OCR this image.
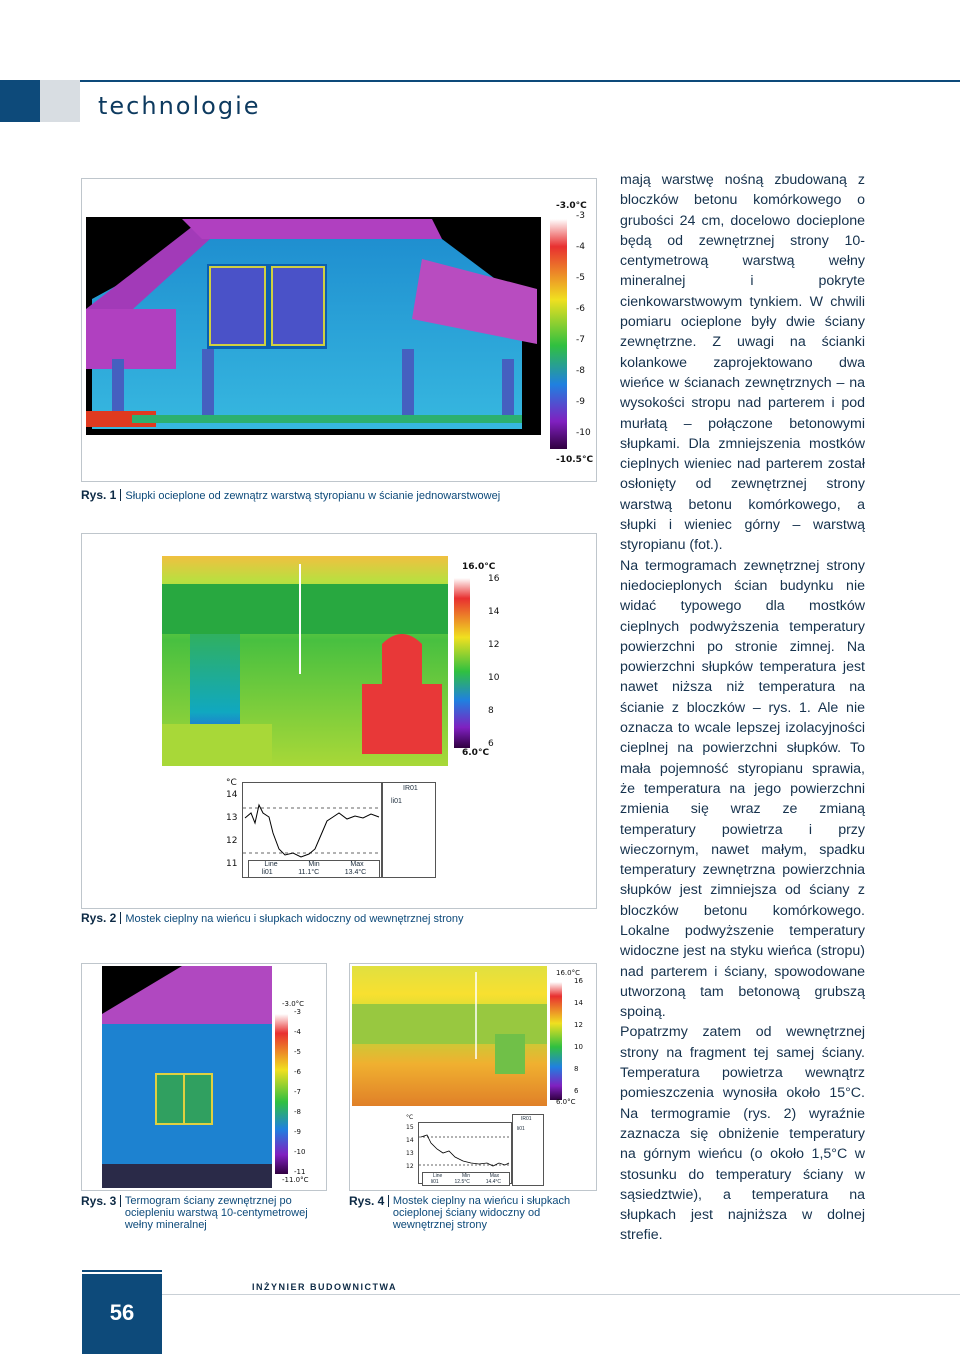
technologie
-3.0°C
-10.5°C
-3
-4
-5
-6
-7
-8
-9
-10
Rys. 1 Słupki ocieplone od zewnątrz warstwą styropianu w ścianie jednowarstwowej
16.0°C
6.0°C
16
14
12
10
8
6
°C
14
13
12
11	Line	Min	Max
li01	11.1°C	13.4°C
IR01
li01
Rys. 2 Mostek cieplny na wieńcu i słupkach widoczny od wewnętrznej strony
-3.0°C
-11.0°C
-3
-4
-5
-6
-7
-8
-9
-10
-11
Rys. 3 Termogram ściany zewnętrznej po ociepleniu warstwą 10-centymetrowej wełny mineralnej
16.0°C
6.0°C
16
14
12
10
8
6
°C
15
14
13
12
Line	Min	Max
li01	12.5°C	14.4°C
IR01
li01
Rys. 4 Mostek cieplny na wieńcu i słupkach ocieplonej ściany widoczny od wewnętrznej strony

mają warstwę nośną zbudowaną z bloczków betonu komórkowego o grubości 24 cm, docelowo docieplone będą od zewnętrznej strony 10-centymetrową warstwą wełny mineralnej i pokryte cienkowarstwowym tynkiem. W chwili pomiaru ocieplone były dwie ściany zewnętrzne. Z uwagi na ścianki kolankowe zaprojektowano dwa wieńce w ścianach zewnętrznych – na wysokości stropu nad parterem i pod murłatą – połączone betonowymi słupkami. Dla zmniejszenia mostków cieplnych wieniec nad parterem został osłonięty od zewnętrznej strony warstwą betonu komórkowego, a słupki i wieniec górny – warstwą styropianu (fot.).

Na termogramach zewnętrznej strony niedocieplonych ścian budynku nie widać typowego dla mostków cieplnych podwyższenia temperatury powierzchni po stronie zimnej. Na powierzchni słupków temperatura jest nawet niższa niż temperatura na ścianie z bloczków – rys. 1. Ale nie oznacza to wcale lepszej izolacyjności cieplnej na powierzchni słupków. To mała pojemność styropianu sprawia, że temperatura na jego powierzchni zmienia się wraz ze zmianą temperatury powietrza i przy wieczornym, nawet małym, spadku temperatury zewnętrzna powierzchnia słupków jest zimniejsza od ściany z bloczków betonu komórkowego. Lokalne podwyższenie temperatury widoczne jest na styku wieńca (stropu) nad parterem i ściany, spowodowane utworzoną tam betonową grubszą spoiną.

Popatrzmy zatem od wewnętrznej strony na fragment tej samej ściany. Temperatura powietrza wewnątrz pomieszczenia wynosiła około 15°C. Na termogramie (rys. 2) wyraźnie zaznacza się obniżenie temperatury na górnym wieńcu (o około 1,5°C w stosunku do temperatury ściany w sąsiedztwie), a temperatura na słupkach jest najniższa w dolnej strefie.

56
INŻYNIER BUDOWNICTWA
